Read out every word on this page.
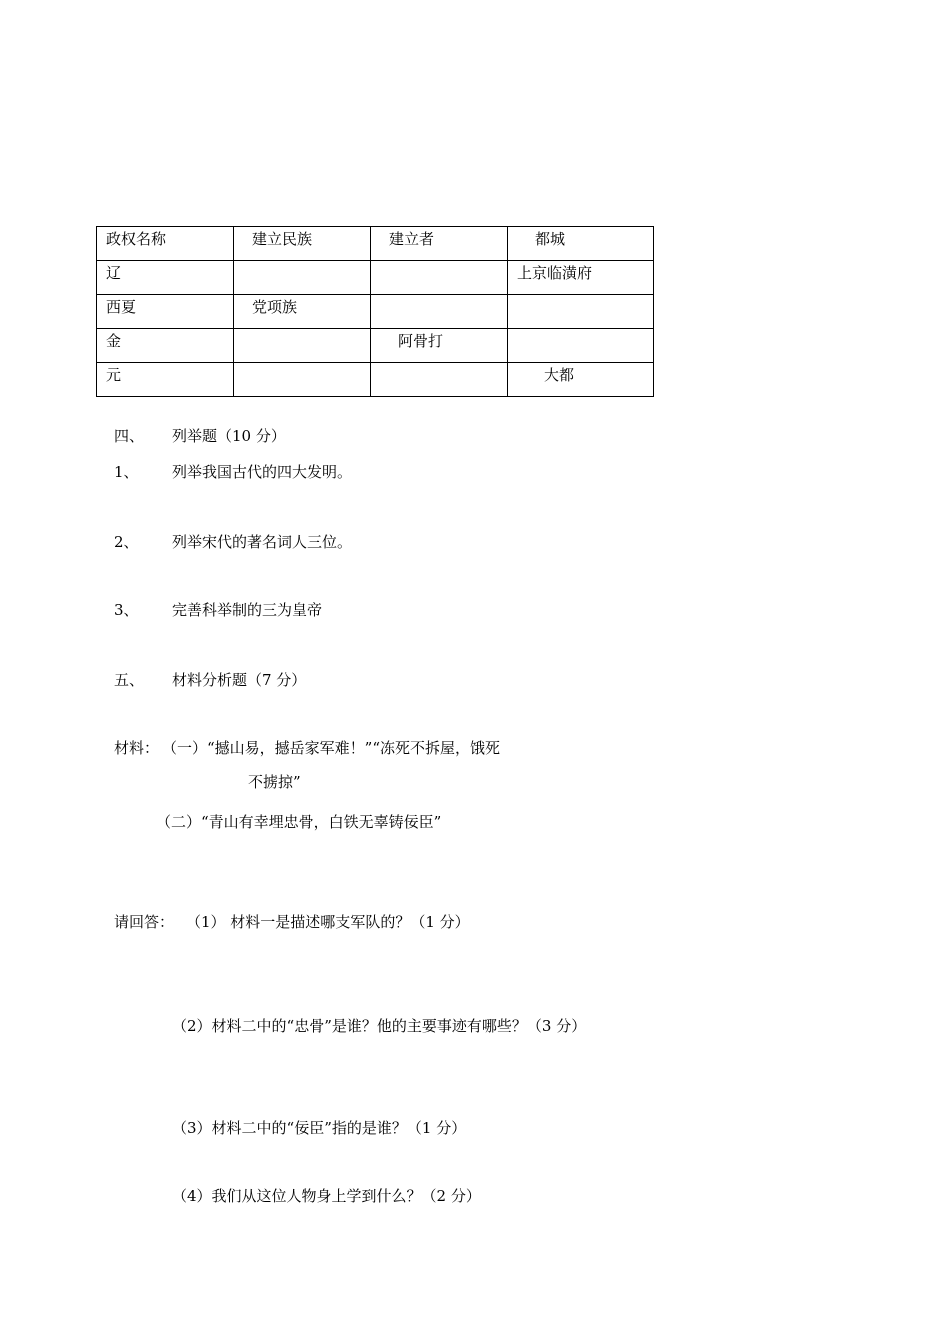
政权名称	建立民族	建立者	都城

辽			上京临潢府

西夏	党项族		

金		阿骨打	

元			大都
四、 列举题（10 分）
1、 列举我国古代的四大发明。
2、 列举宋代的著名词人三位。
3、 完善科举制的三为皇帝
五、 材料分析题（7 分）
材料： （一）“撼山易，撼岳家军难！”“冻死不拆屋，饿死
不掳掠”
（二）“青山有幸埋忠骨，白铁无辜铸佞臣”
请回答： （1） 材料一是描述哪支军队的？（1 分）
（2）材料二中的“忠骨”是谁？他的主要事迹有哪些？（3 分）
（3）材料二中的“佞臣”指的是谁？（1 分）
（4）我们从这位人物身上学到什么？（2 分）
